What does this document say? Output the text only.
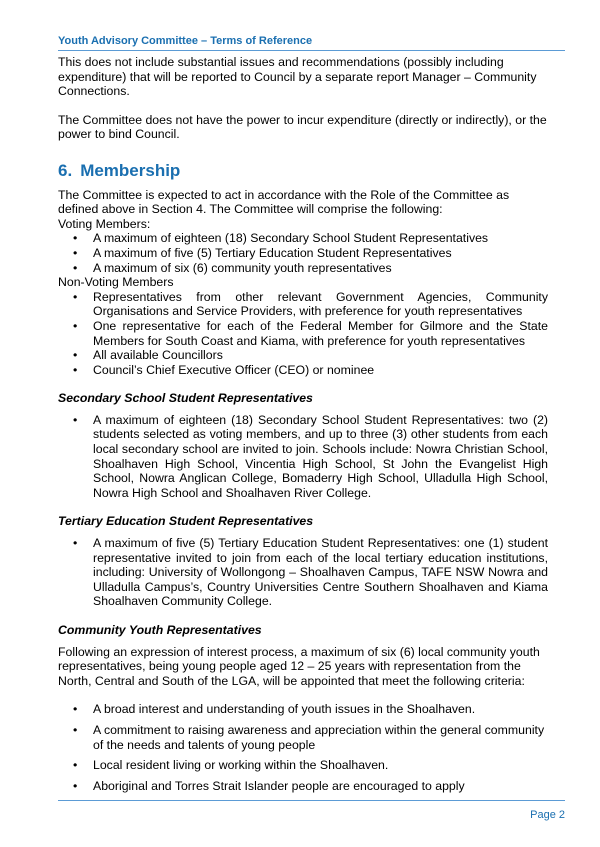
Youth Advisory Committee – Terms of Reference

This does not include substantial issues and recommendations (possibly including expenditure) that will be reported to Council by a separate report Manager – Community Connections.

The Committee does not have the power to incur expenditure (directly or indirectly), or the power to bind Council.

6. Membership

The Committee is expected to act in accordance with the Role of the Committee as defined above in Section 4. The Committee will comprise the following:

Voting Members:

• A maximum of eighteen (18) Secondary School Student Representatives
• A maximum of five (5) Tertiary Education Student Representatives
• A maximum of six (6) community youth representatives

Non-Voting Members

• Representatives from other relevant Government Agencies, Community Organisations and Service Providers, with preference for youth representatives
• One representative for each of the Federal Member for Gilmore and the State Members for South Coast and Kiama, with preference for youth representatives
• All available Councillors
• Council’s Chief Executive Officer (CEO) or nominee
Secondary School Student Representatives
• A maximum of eighteen (18) Secondary School Student Representatives: two (2) students selected as voting members, and up to three (3) other students from each local secondary school are invited to join. Schools include: Nowra Christian School, Shoalhaven High School, Vincentia High School, St John the Evangelist High School, Nowra Anglican College, Bomaderry High School, Ulladulla High School, Nowra High School and Shoalhaven River College.
Tertiary Education Student Representatives
• A maximum of five (5) Tertiary Education Student Representatives: one (1) student representative invited to join from each of the local tertiary education institutions, including: University of Wollongong – Shoalhaven Campus, TAFE NSW Nowra and Ulladulla Campus’s, Country Universities Centre Southern Shoalhaven and Kiama Shoalhaven Community College.
Community Youth Representatives

Following an expression of interest process, a maximum of six (6) local community youth representatives, being young people aged 12 – 25 years with representation from the North, Central and South of the LGA, will be appointed that meet the following criteria:

• A broad interest and understanding of youth issues in the Shoalhaven.
• A commitment to raising awareness and appreciation within the general community of the needs and talents of young people
• Local resident living or working within the Shoalhaven.
• Aboriginal and Torres Strait Islander people are encouraged to apply
Page 2
